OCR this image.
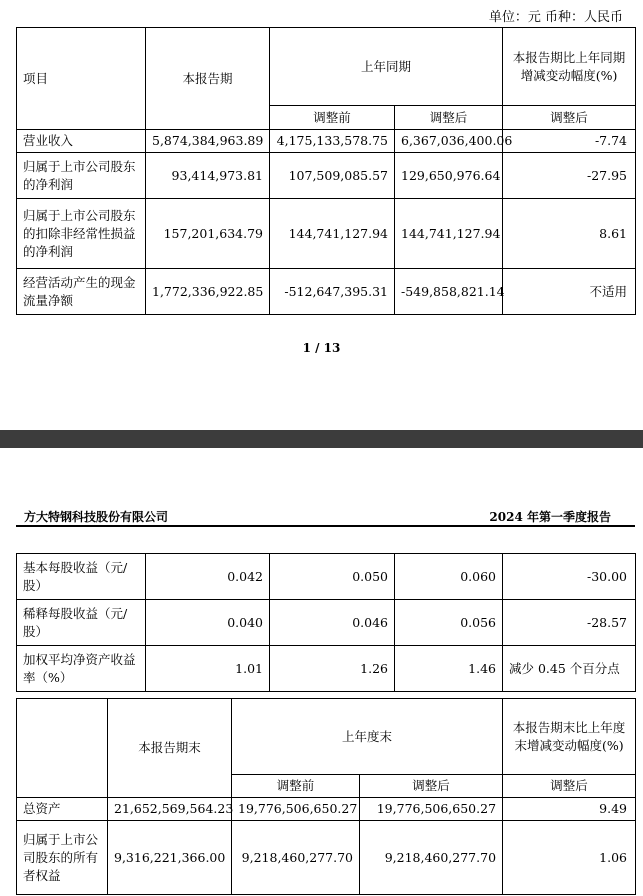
单位：元 币种：人民币
项目	本报告期	上年同期		本报告期比上年同期增减变动幅度(%)
		调整前	调整后	调整后
营业收入	5,874,384,963.89	4,175,133,578.75	6,367,036,400.06	-7.74
归属于上市公司股东的净利润	93,414,973.81	107,509,085.57	129,650,976.64	-27.95
归属于上市公司股东的扣除非经常性损益的净利润	157,201,634.79	144,741,127.94	144,741,127.94	8.61
经营活动产生的现金流量净额	1,772,336,922.85	-512,647,395.31	-549,858,821.14	不适用
1 / 13
方大特钢科技股份有限公司	2024 年第一季度报告
基本每股收益（元/股）	0.042	0.050	0.060	-30.00
稀释每股收益（元/股）	0.040	0.046	0.056	-28.57
加权平均净资产收益率（%）	1.01	1.26	1.46	减少 0.45 个百分点
	本报告期末	上年度末		本报告期末比上年度末增减变动幅度(%)
		调整前	调整后	调整后
总资产	21,652,569,564.23	19,776,506,650.27	19,776,506,650.27	9.49
归属于上市公司股东的所有者权益	9,316,221,366.00	9,218,460,277.70	9,218,460,277.70	1.06
